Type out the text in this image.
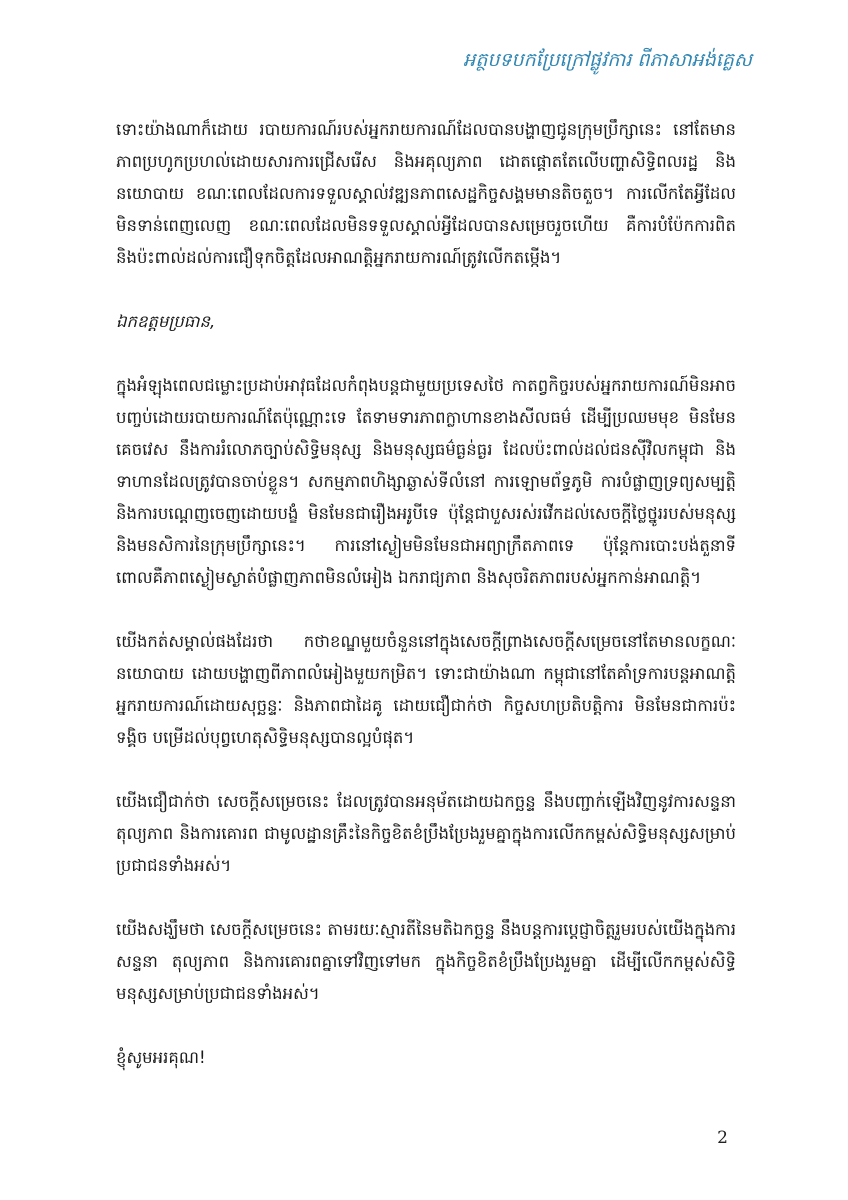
អត្ថបទបកប្រែក្រៅផ្លូវការ ពីភាសាអង់គ្លេស

ទោះយ៉ាងណាក៏ដោយ របាយការណ៍របស់អ្នករាយការណ៍ដែលបានបង្ហាញជូនក្រុមប្រឹក្សានេះ នៅតែមានភាពប្រហូកប្រហល់ដោយសារការជ្រើសរើស និងអគុល្យភាព ដោតផ្តោតតែលើបញ្ហាសិទ្ធិពលរដ្ឋ និងនយោបាយ ខណៈពេលដែលការទទួលស្គាល់វឌ្ឍនភាពសេដ្ឋកិច្ចសង្គមមានតិចតួច។ ការលើកតែអ្វីដែលមិនទាន់ពេញលេញ ខណៈពេលដែលមិនទទួលស្គាល់អ្វីដែលបានសម្រេចរួចហើយ គឺការបំប៉ែកការពិត និងប៉ះពាល់ដល់ការជឿទុកចិត្តដែលអាណត្តិអ្នករាយការណ៍ត្រូវលើកតម្កើង។

ឯកឧត្តមប្រធាន,

ក្នុងអំឡុងពេលជម្លោះប្រដាប់អាវុធដែលកំពុងបន្តជាមួយប្រទេសថៃ កាតព្វកិច្ចរបស់អ្នករាយការណ៍មិនអាចបញ្ចប់ដោយរបាយការណ៍តែប៉ុណ្ណោះទេ តែទាមទារភាពក្លាហានខាងសីលធម៌ ដើម្បីប្រឈមមុខ មិនមែនគេចវេស នឹងការរំលោភច្បាប់សិទ្ធិមនុស្ស និងមនុស្សធម៌ធ្ងន់ធ្ងរ ដែលប៉ះពាល់ដល់ជនស៊ីវិលកម្ពុជា និងទាហានដែលត្រូវបានចាប់ខ្លួន។ សកម្មភាពហិង្សាឆ្ងាស់ទីលំនៅ ការឡោមព័ទ្ធភូមិ ការបំផ្លាញទ្រព្យសម្បត្តិ និងការបណ្តេញចេញដោយបង្ខំ មិនមែនជារឿងអរូបីទេ ប៉ុន្តែជាបួសរស់រវើកដល់សេចក្តីថ្លៃថ្នូររបស់មនុស្ស និងមនសិការនៃក្រុមប្រឹក្សានេះ។ ការនៅស្ងៀមមិនមែនជាអព្យាក្រឹតភាពទេ ប៉ុន្តែការបោះបង់តួនាទី ពោលគឺភាពស្ងៀមស្ងាត់បំផ្លាញភាពមិនលំអៀង ឯករាជ្យភាព និងសុចរិតភាពរបស់អ្នកកាន់អាណត្តិ។

យើងកត់សម្គាល់ផងដែរថា កថាខណ្ឌមួយចំនួននៅក្នុងសេចក្តីព្រាងសេចក្តីសម្រេចនៅតែមានលក្ខណៈនយោបាយ ដោយបង្ហាញពីភាពលំអៀងមួយកម្រិត។ ទោះជាយ៉ាងណា កម្ពុជានៅតែគាំទ្រការបន្តអាណត្តិអ្នករាយការណ៍ដោយសុច្ឆន្ទៈ និងភាពជាដៃគូ ដោយជឿជាក់ថា កិច្ចសហប្រតិបត្តិការ មិនមែនជាការប៉ះទង្គិច បម្រើដល់បុព្វហេតុសិទ្ធិមនុស្សបានល្អបំផុត។

យើងជឿជាក់ថា សេចក្តីសម្រេចនេះ ដែលត្រូវបានអនុម័តដោយឯកច្ឆន្ទ នឹងបញ្ជាក់ឡើងវិញនូវការសន្ទនា តុល្យភាព និងការគោរព ជាមូលដ្ឋានគ្រឹះនៃកិច្ចខិតខំប្រឹងប្រែងរួមគ្នាក្នុងការលើកកម្ពស់សិទ្ធិមនុស្សសម្រាប់ប្រជាជនទាំងអស់។

យើងសង្ឃឹមថា សេចក្តីសម្រេចនេះ តាមរយៈស្មារតីនៃមតិឯកច្ឆន្ទ នឹងបន្តការប្តេជ្ញាចិត្តរួមរបស់យើងក្នុងការសន្ទនា តុល្យភាព និងការគោរពគ្នាទៅវិញទៅមក ក្នុងកិច្ចខិតខំប្រឹងប្រែងរួមគ្នា ដើម្បីលើកកម្ពស់សិទ្ធិមនុស្សសម្រាប់ប្រជាជនទាំងអស់។

ខ្ញុំសូមអរគុណ!

2
